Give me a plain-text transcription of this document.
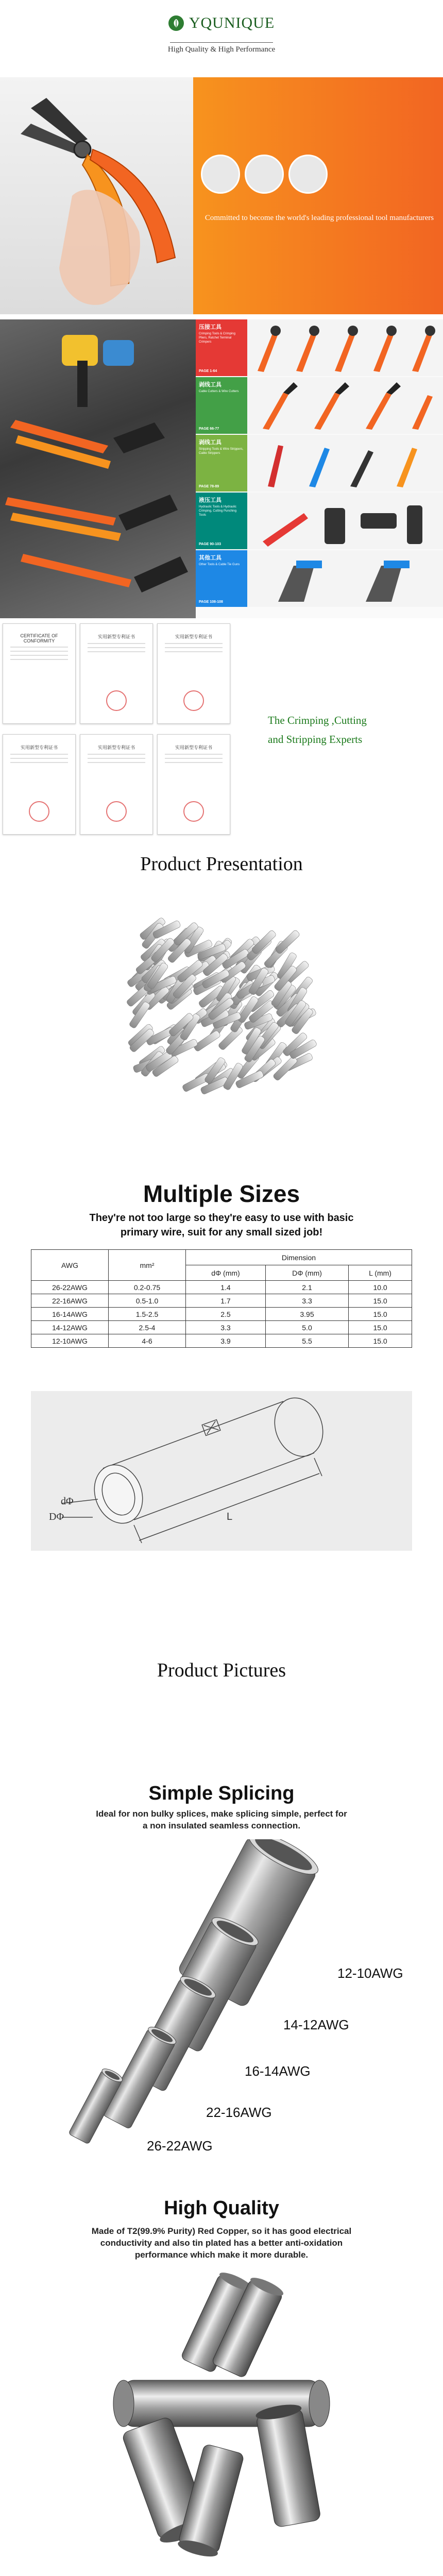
YQUNIQUE
High Quality & High Performance
Committed to become the world's leading professional tool manufacturers
压接工具
Crimping Tools & Crimping Pliers, Ratchet Terminal Crimpers
PAGE 1-64
剥线工具
Cable Cutters & Wire Cutters
PAGE 66-77
剥线工具
Stripping Tools & Wire Strippers, Cable Strippers
PAGE 78-89
液压工具
Hydraulic Tools & Hydraulic Crimping, Cutting Punching Tools
PAGE 90-103
其他工具
Other Tools & Cable Tie Guns
PAGE 108-108
CERTIFICATE OF CONFORMITY
实用新型专利证书	实用新型专利证书
实用新型专利证书	实用新型专利证书	实用新型专利证书
The Crimping ,Cutting
and Stripping Experts
Product Presentation
Multiple Sizes
They're not too large so they're easy to use with basic primary wire, suit for any small sized job!
AWG	mm²	Dimension		
		dΦ (mm)	DΦ (mm)	L (mm)
26-22AWG	0.2-0.75	1.4	2.1	10.0
22-16AWG	0.5-1.0	1.7	3.3	15.0
16-14AWG	1.5-2.5	2.5	3.95	15.0
14-12AWG	2.5-4	3.3	5.0	15.0
12-10AWG	4-6	3.9	5.5	15.0
dΦ
DΦ	L
Product Pictures
Simple Splicing
Ideal for non bulky splices, make splicing simple, perfect for a non insulated seamless connection.
12-10AWG
14-12AWG
16-14AWG
22-16AWG
26-22AWG
High Quality
Made of T2(99.9% Purity) Red Copper, so it has good electrical conductivity and also tin plated has a better anti-oxidation performance which make it more durable.
